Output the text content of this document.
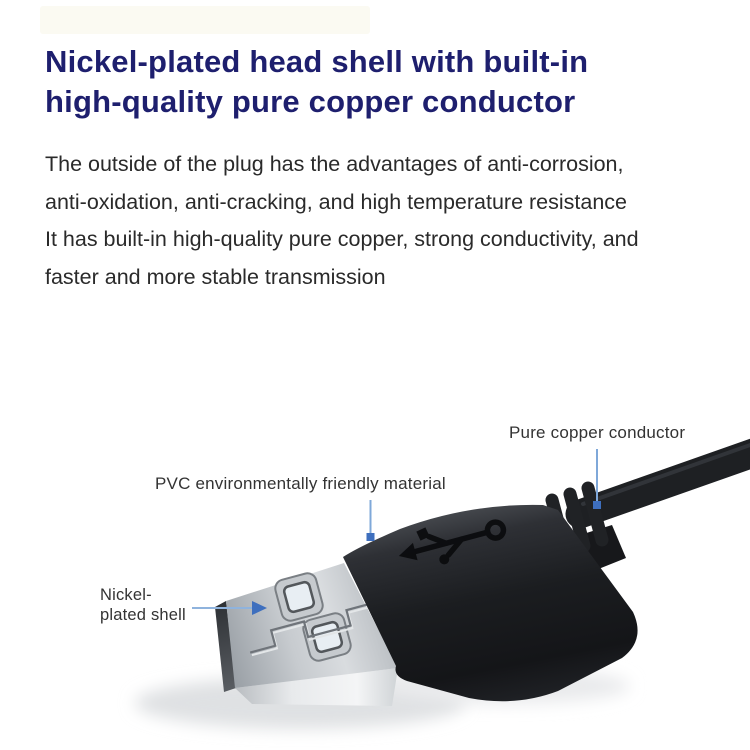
Nickel-plated head shell with built-in
high-quality pure copper conductor
The outside of the plug has the advantages of anti-corrosion,
anti-oxidation, anti-cracking, and high temperature resistance
It has built-in high-quality pure copper, strong conductivity, and
faster and more stable transmission
Pure copper conductor
PVC environmentally friendly material
Nickel-
plated shell
